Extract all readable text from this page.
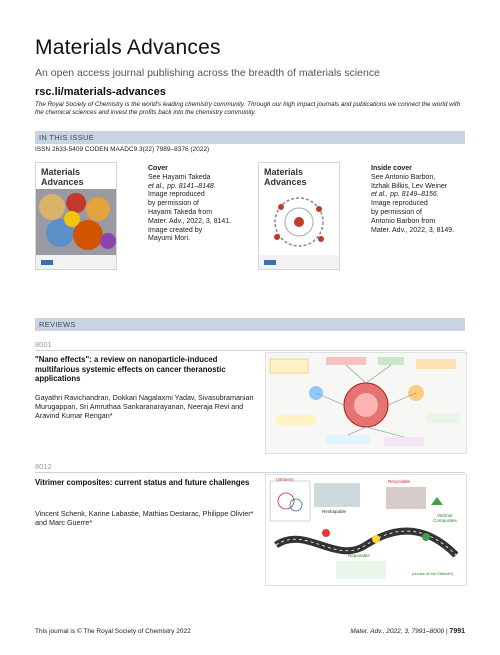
Materials Advances
An open access journal publishing across the breadth of materials science
rsc.li/materials-advances
The Royal Society of Chemistry is the world's leading chemistry community. Through our high impact journals and publications we connect the world with the chemical sciences and invest the profits back into the chemistry community.
IN THIS ISSUE
ISSN 2633-5409 CODEN MAADC9 3(22) 7989–8376 (2022)
Materials Advances
Cover
See Hayami Takeda
et al., pp. 8141–8148.
Image reproduced
by permission of
Hayami Takeda from
Mater. Adv., 2022, 3, 8141.
Image created by
Mayumi Mori.
Materials Advances
Inside cover
See Antonio Barbon,
Itzhak Bilkis, Lev Weiner
et al., pp. 8149–8156.
Image reproduced
by permission of
Antonio Barbon from
Mater. Adv., 2022, 3, 8149.
REVIEWS
8001
"Nano effects": a review on nanoparticle-induced multifarious systemic effects on cancer theranostic applications
Gayathri Ravichandran, Dokkari Nagalaxmi Yadav, Sivasubramanian Murugappan, Sri Amruthaa Sankaranarayanan, Neeraja Revi and Aravind Kumar Rengan*
8012
Vitrimer composites: current status and future challenges
Vincent Schenk, Karine Labastie, Mathias Destarac, Philippe Olivier* and Marc Guerre*
Vitrimers
Reshapable
Recyclable
Vitrimer Composites
Repairable
(choice of the Vitrimer!)
This journal is © The Royal Society of Chemistry 2022	Mater. Adv., 2022, 3, 7991–8000 | 7991
